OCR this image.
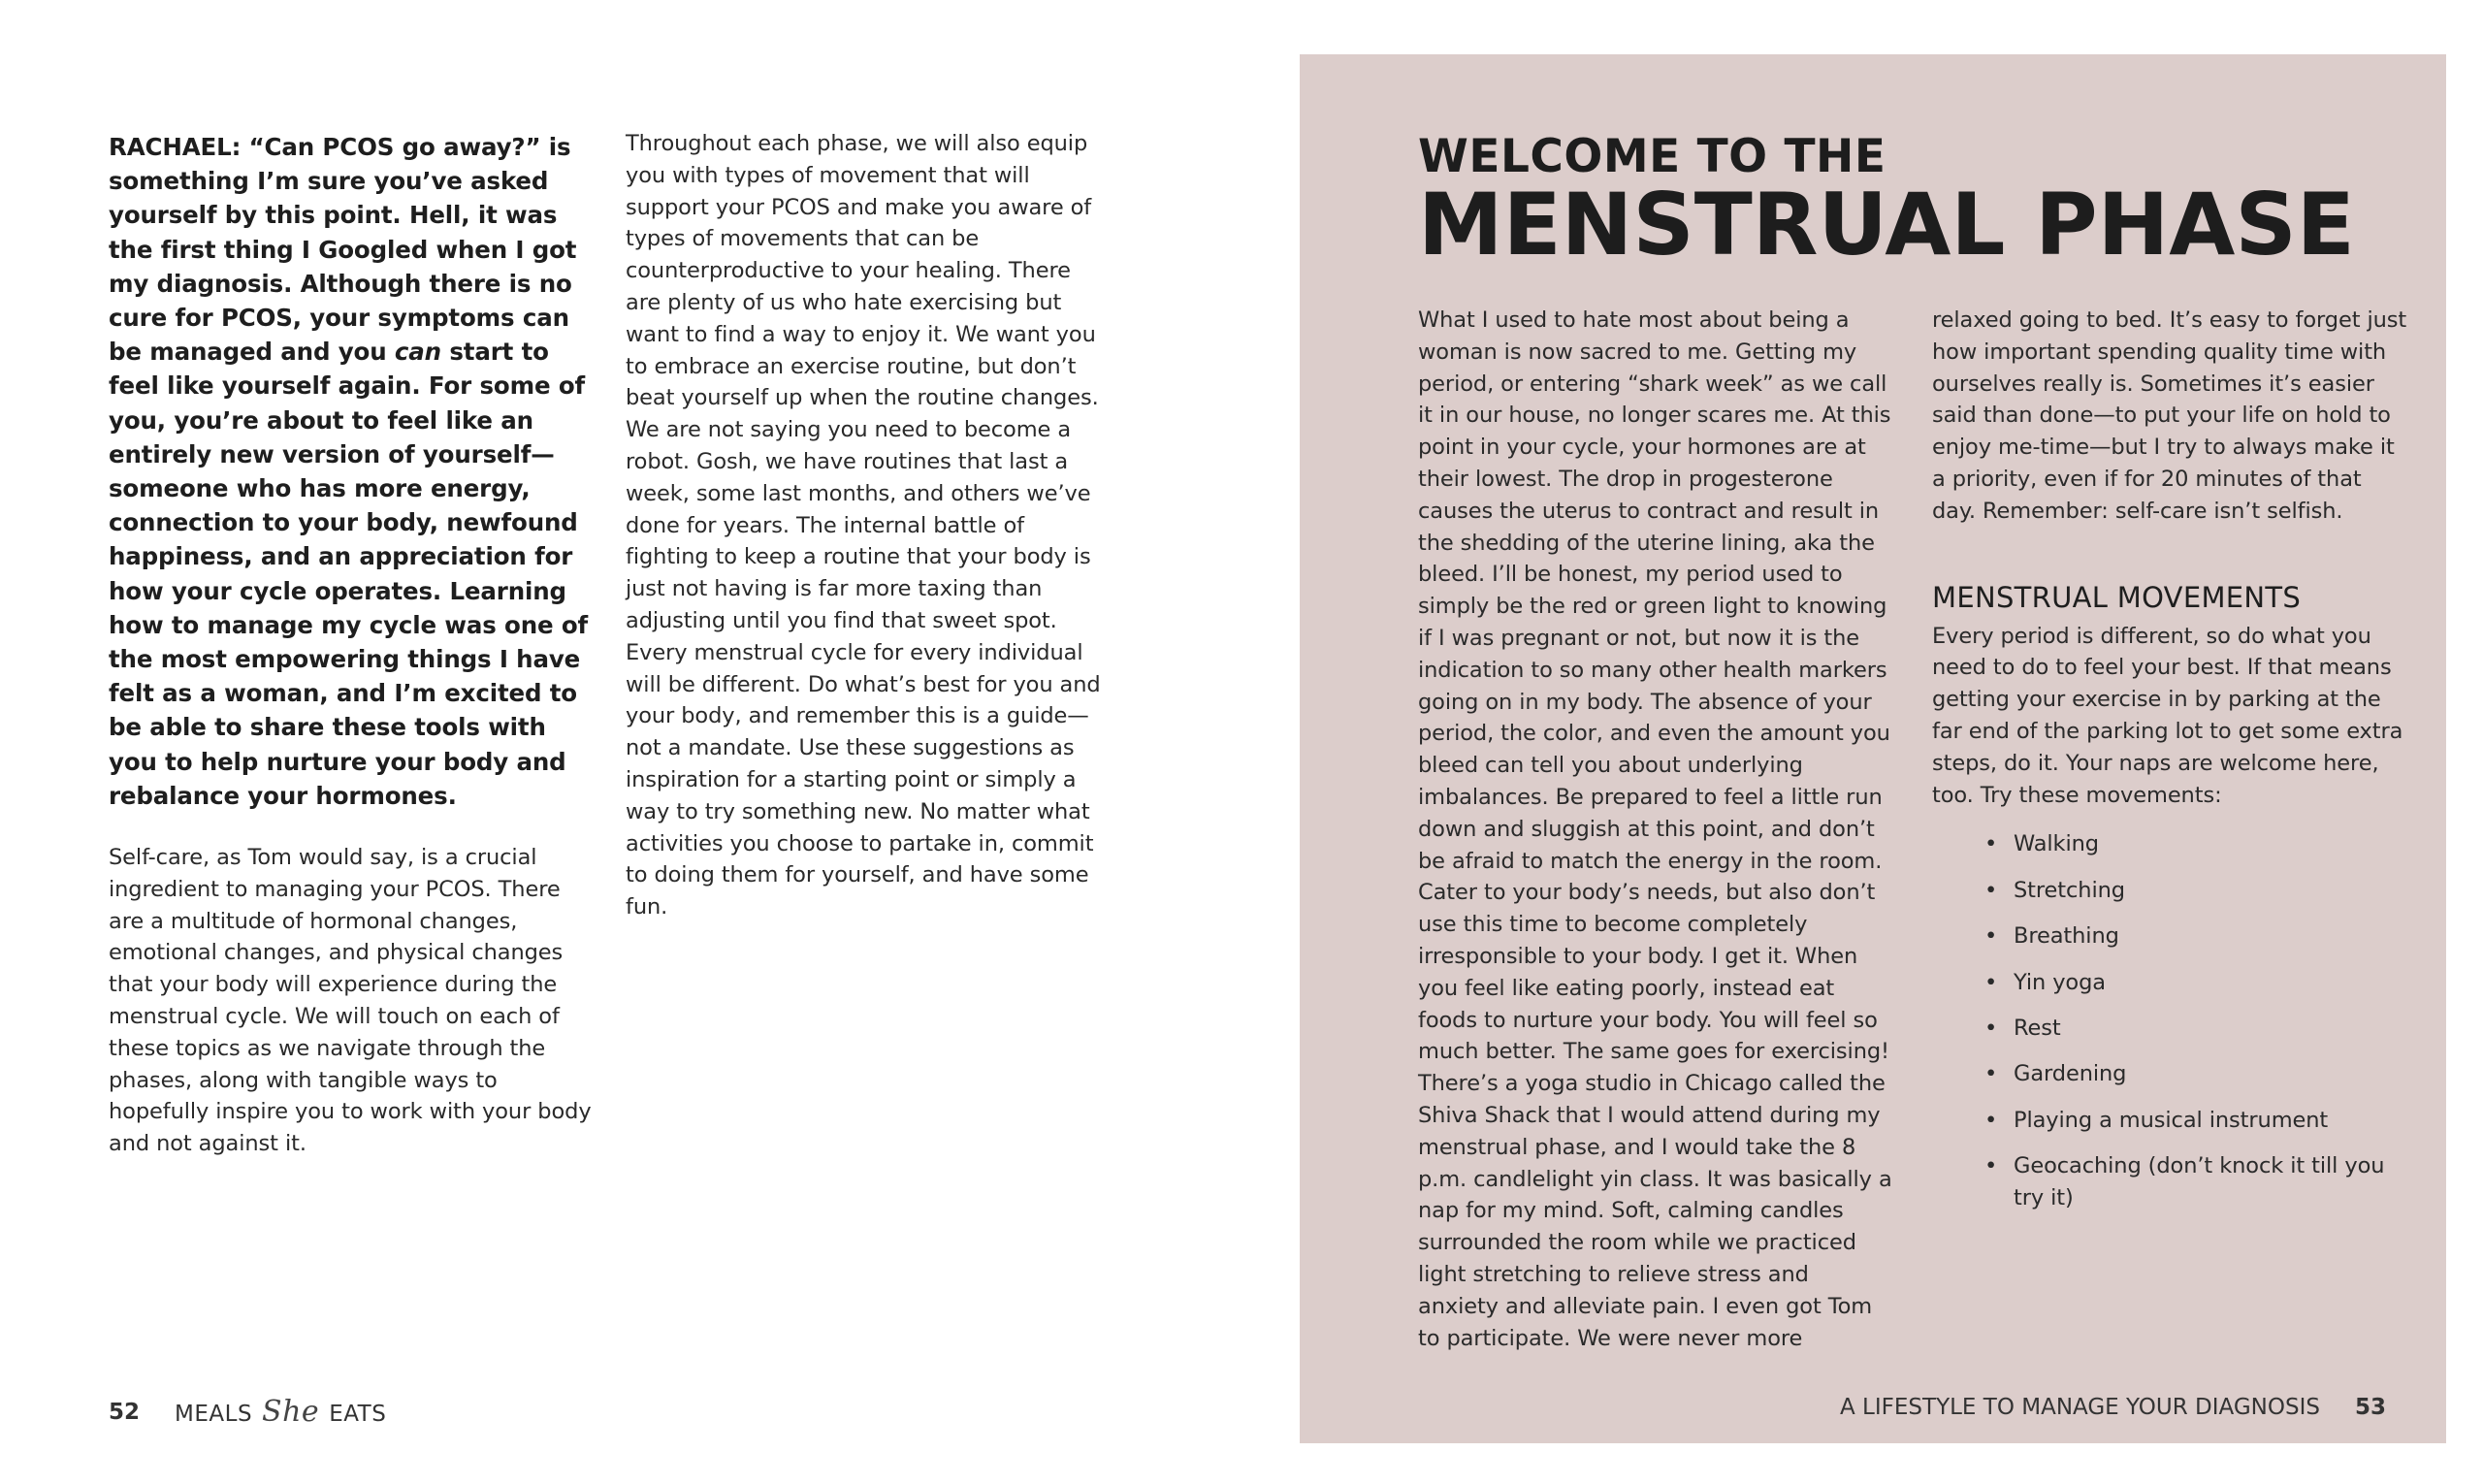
RACHAEL: “Can PCOS go away?” is something I’m sure you’ve asked yourself by this point. Hell, it was the first thing I Googled when I got my diagnosis. Although there is no cure for PCOS, your symptoms can be managed and you can start to feel like yourself again. For some of you, you’re about to feel like an entirely new version of yourself—someone who has more energy, connection to your body, newfound happiness, and an appreciation for how your cycle operates. Learning how to manage my cycle was one of the most empowering things I have felt as a woman, and I’m excited to be able to share these tools with you to help nurture your body and rebalance your hormones.

Self-care, as Tom would say, is a crucial ingredient to managing your PCOS. There are a multitude of hormonal changes, emotional changes, and physical changes that your body will experience during the menstrual cycle. We will touch on each of these topics as we navigate through the phases, along with tangible ways to hopefully inspire you to work with your body and not against it.

Throughout each phase, we will also equip you with types of movement that will support your PCOS and make you aware of types of movements that can be counterproductive to your healing. There are plenty of us who hate exercising but want to find a way to enjoy it. We want you to embrace an exercise routine, but don’t beat yourself up when the routine changes. We are not saying you need to become a robot. Gosh, we have routines that last a week, some last months, and others we’ve done for years. The internal battle of fighting to keep a routine that your body is just not having is far more taxing than adjusting until you find that sweet spot. Every menstrual cycle for every individual will be different. Do what’s best for you and your body, and remember this is a guide—not a mandate. Use these suggestions as inspiration for a starting point or simply a way to try something new. No matter what activities you choose to partake in, commit to doing them for yourself, and have some fun.

52 MEALS She EATS
WELCOME TO THE
MENSTRUAL PHASE

What I used to hate most about being a woman is now sacred to me. Getting my period, or entering “shark week” as we call it in our house, no longer scares me. At this point in your cycle, your hormones are at their lowest. The drop in progesterone causes the uterus to contract and result in the shedding of the uterine lining, aka the bleed. I’ll be honest, my period used to simply be the red or green light to knowing if I was pregnant or not, but now it is the indication to so many other health markers going on in my body. The absence of your period, the color, and even the amount you bleed can tell you about underlying imbalances. Be prepared to feel a little run down and sluggish at this point, and don’t be afraid to match the energy in the room. Cater to your body’s needs, but also don’t use this time to become completely irresponsible to your body. I get it. When you feel like eating poorly, instead eat foods to nurture your body. You will feel so much better. The same goes for exercising! There’s a yoga studio in Chicago called the Shiva Shack that I would attend during my menstrual phase, and I would take the 8 p.m. candlelight yin class. It was basically a nap for my mind. Soft, calming candles surrounded the room while we practiced light stretching to relieve stress and anxiety and alleviate pain. I even got Tom to participate. We were never more

relaxed going to bed. It’s easy to forget just how important spending quality time with ourselves really is. Sometimes it’s easier said than done—to put your life on hold to enjoy me-time—but I try to always make it a priority, even if for 20 minutes of that day. Remember: self-care isn’t selfish.

MENSTRUAL MOVEMENTS

Every period is different, so do what you need to do to feel your best. If that means getting your exercise in by parking at the far end of the parking lot to get some extra steps, do it. Your naps are welcome here, too. Try these movements:

• Walking
• Stretching
• Breathing
• Yin yoga
• Rest
• Gardening
• Playing a musical instrument
• Geocaching (don’t knock it till you try it)
A LIFESTYLE TO MANAGE YOUR DIAGNOSIS 53
